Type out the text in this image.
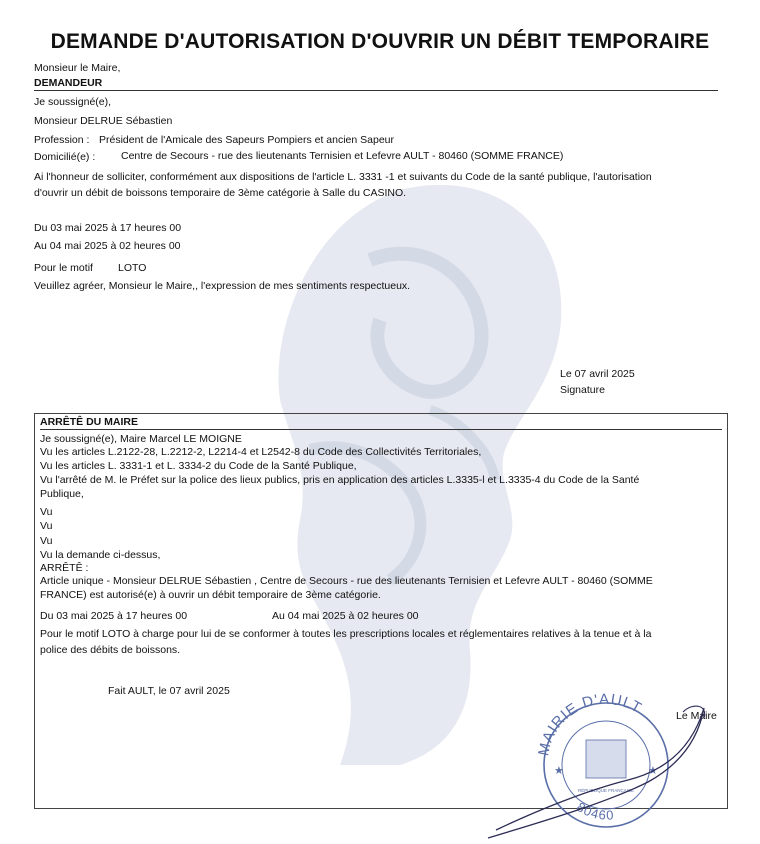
DEMANDE D'AUTORISATION D'OUVRIR UN DÉBIT TEMPORAIRE
Monsieur le Maire,
DEMANDEUR
Je soussigné(e),
Monsieur DELRUE Sébastien
Profession : Président de l'Amicale des Sapeurs Pompiers et ancien Sapeur
Domicilié(e) : Centre de Secours - rue des lieutenants Ternisien et Lefevre AULT - 80460 (SOMME FRANCE)
Ai l'honneur de solliciter, conformément aux dispositions de l'article L. 3331 -1 et suivants du Code de la santé publique, l'autorisation
d'ouvrir un débit de boissons temporaire de 3ème catégorie à Salle du CASINO.
Du 03 mai 2025 à 17 heures 00
Au 04 mai 2025 à 02 heures 00
Pour le motif LOTO
Veuillez agréer, Monsieur le Maire,, l'expression de mes sentiments respectueux.
Le 07 avril 2025
Signature
ARRÊTÊ DU MAIRE
Je soussigné(e), Maire Marcel LE MOIGNE
Vu les articles L.2122-28, L.2212-2, L2214-4 et L2542-8 du Code des Collectivités Territoriales,
Vu les articles L. 3331-1 et L. 3334-2 du Code de la Santé Publique,
Vu l'arrêté de M. le Préfet sur la police des lieux publics, pris en application des articles L.3335-l et L.3335-4 du Code de la Santé
Publique,
Vu
Vu
Vu
Vu la demande ci-dessus,
ARRÊTÊ :
Article unique - Monsieur DELRUE Sébastien , Centre de Secours - rue des lieutenants Ternisien et Lefevre AULT - 80460 (SOMME
FRANCE) est autorisé(e) à ouvrir un débit temporaire de 3ème catégorie.
Du 03 mai 2025 à 17 heures 00	Au 04 mai 2025 à 02 heures 00
Pour le motif LOTO à charge pour lui de se conformer à toutes les prescriptions locales et réglementaires relatives à la tenue et à la
police des débits de boissons.
Fait AULT, le 07 avril 2025
Le Maire
MAIRIE D'AULT
80460
★	★
RÉPUBLIQUE FRANÇAISE
